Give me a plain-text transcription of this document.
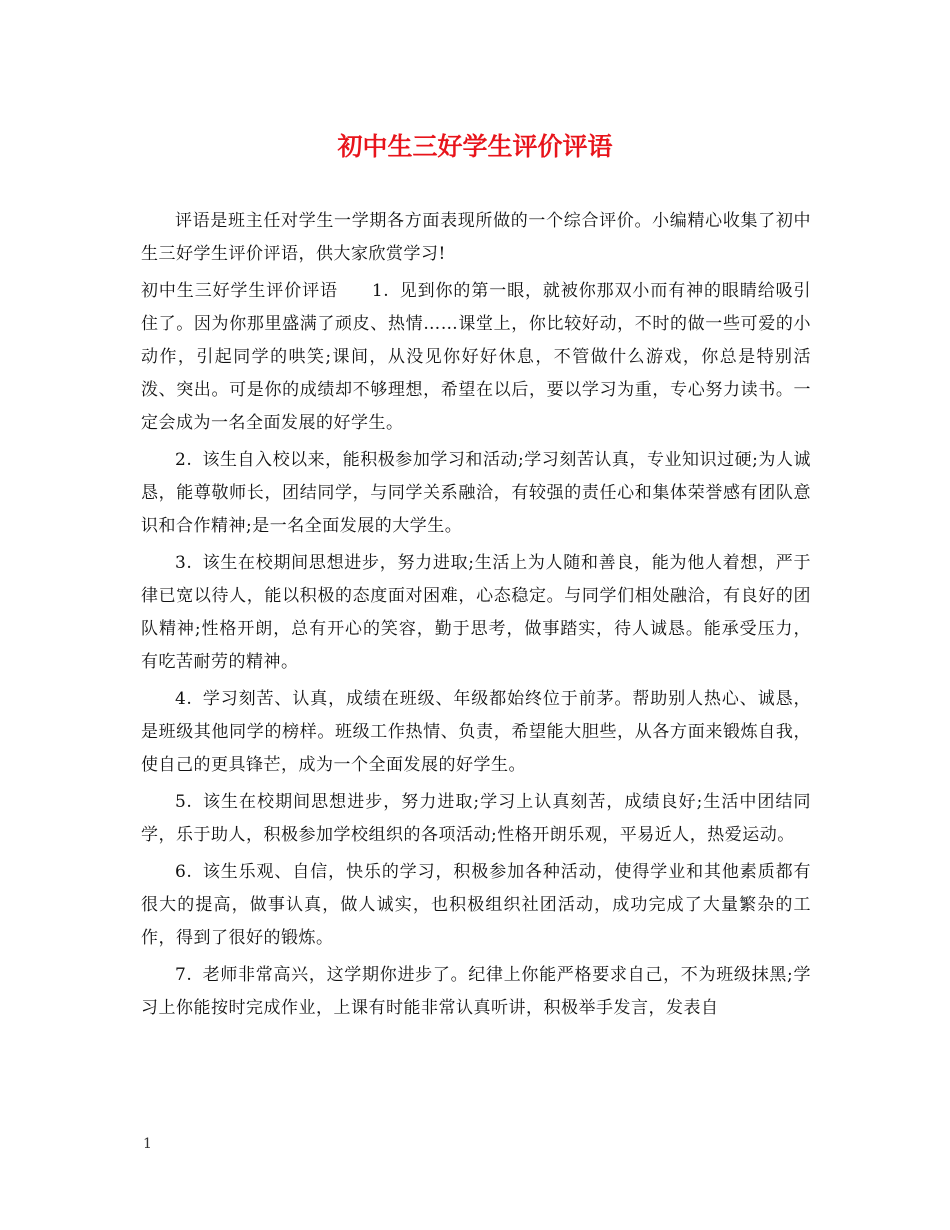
初中生三好学生评价评语

评语是班主任对学生一学期各方面表现所做的一个综合评价。小编精心收集了初中生三好学生评价评语，供大家欣赏学习!

初中生三好学生评价评语 1. 见到你的第一眼，就被你那双小而有神的眼睛给吸引住了。因为你那里盛满了顽皮、热情……课堂上，你比较好动，不时的做一些可爱的小动作，引起同学的哄笑;课间，从没见你好好休息，不管做什么游戏，你总是特别活泼、突出。可是你的成绩却不够理想，希望在以后，要以学习为重，专心努力读书。一定会成为一名全面发展的好学生。

2. 该生自入校以来，能积极参加学习和活动;学习刻苦认真，专业知识过硬;为人诚恳，能尊敬师长，团结同学，与同学关系融洽，有较强的责任心和集体荣誉感有团队意识和合作精神;是一名全面发展的大学生。

3. 该生在校期间思想进步，努力进取;生活上为人随和善良，能为他人着想，严于律已宽以待人，能以积极的态度面对困难，心态稳定。与同学们相处融洽，有良好的团队精神;性格开朗，总有开心的笑容，勤于思考，做事踏实，待人诚恳。能承受压力，有吃苦耐劳的精神。

4. 学习刻苦、认真，成绩在班级、年级都始终位于前茅。帮助别人热心、诚恳，是班级其他同学的榜样。班级工作热情、负责，希望能大胆些，从各方面来锻炼自我，使自己的更具锋芒，成为一个全面发展的好学生。

5. 该生在校期间思想进步，努力进取;学习上认真刻苦，成绩良好;生活中团结同学，乐于助人，积极参加学校组织的各项活动;性格开朗乐观，平易近人，热爱运动。

6. 该生乐观、自信，快乐的学习，积极参加各种活动，使得学业和其他素质都有很大的提高，做事认真，做人诚实，也积极组织社团活动，成功完成了大量繁杂的工作，得到了很好的锻炼。

7. 老师非常高兴，这学期你进步了。纪律上你能严格要求自己，不为班级抹黑;学习上你能按时完成作业，上课有时能非常认真听讲，积极举手发言，发表自

1
